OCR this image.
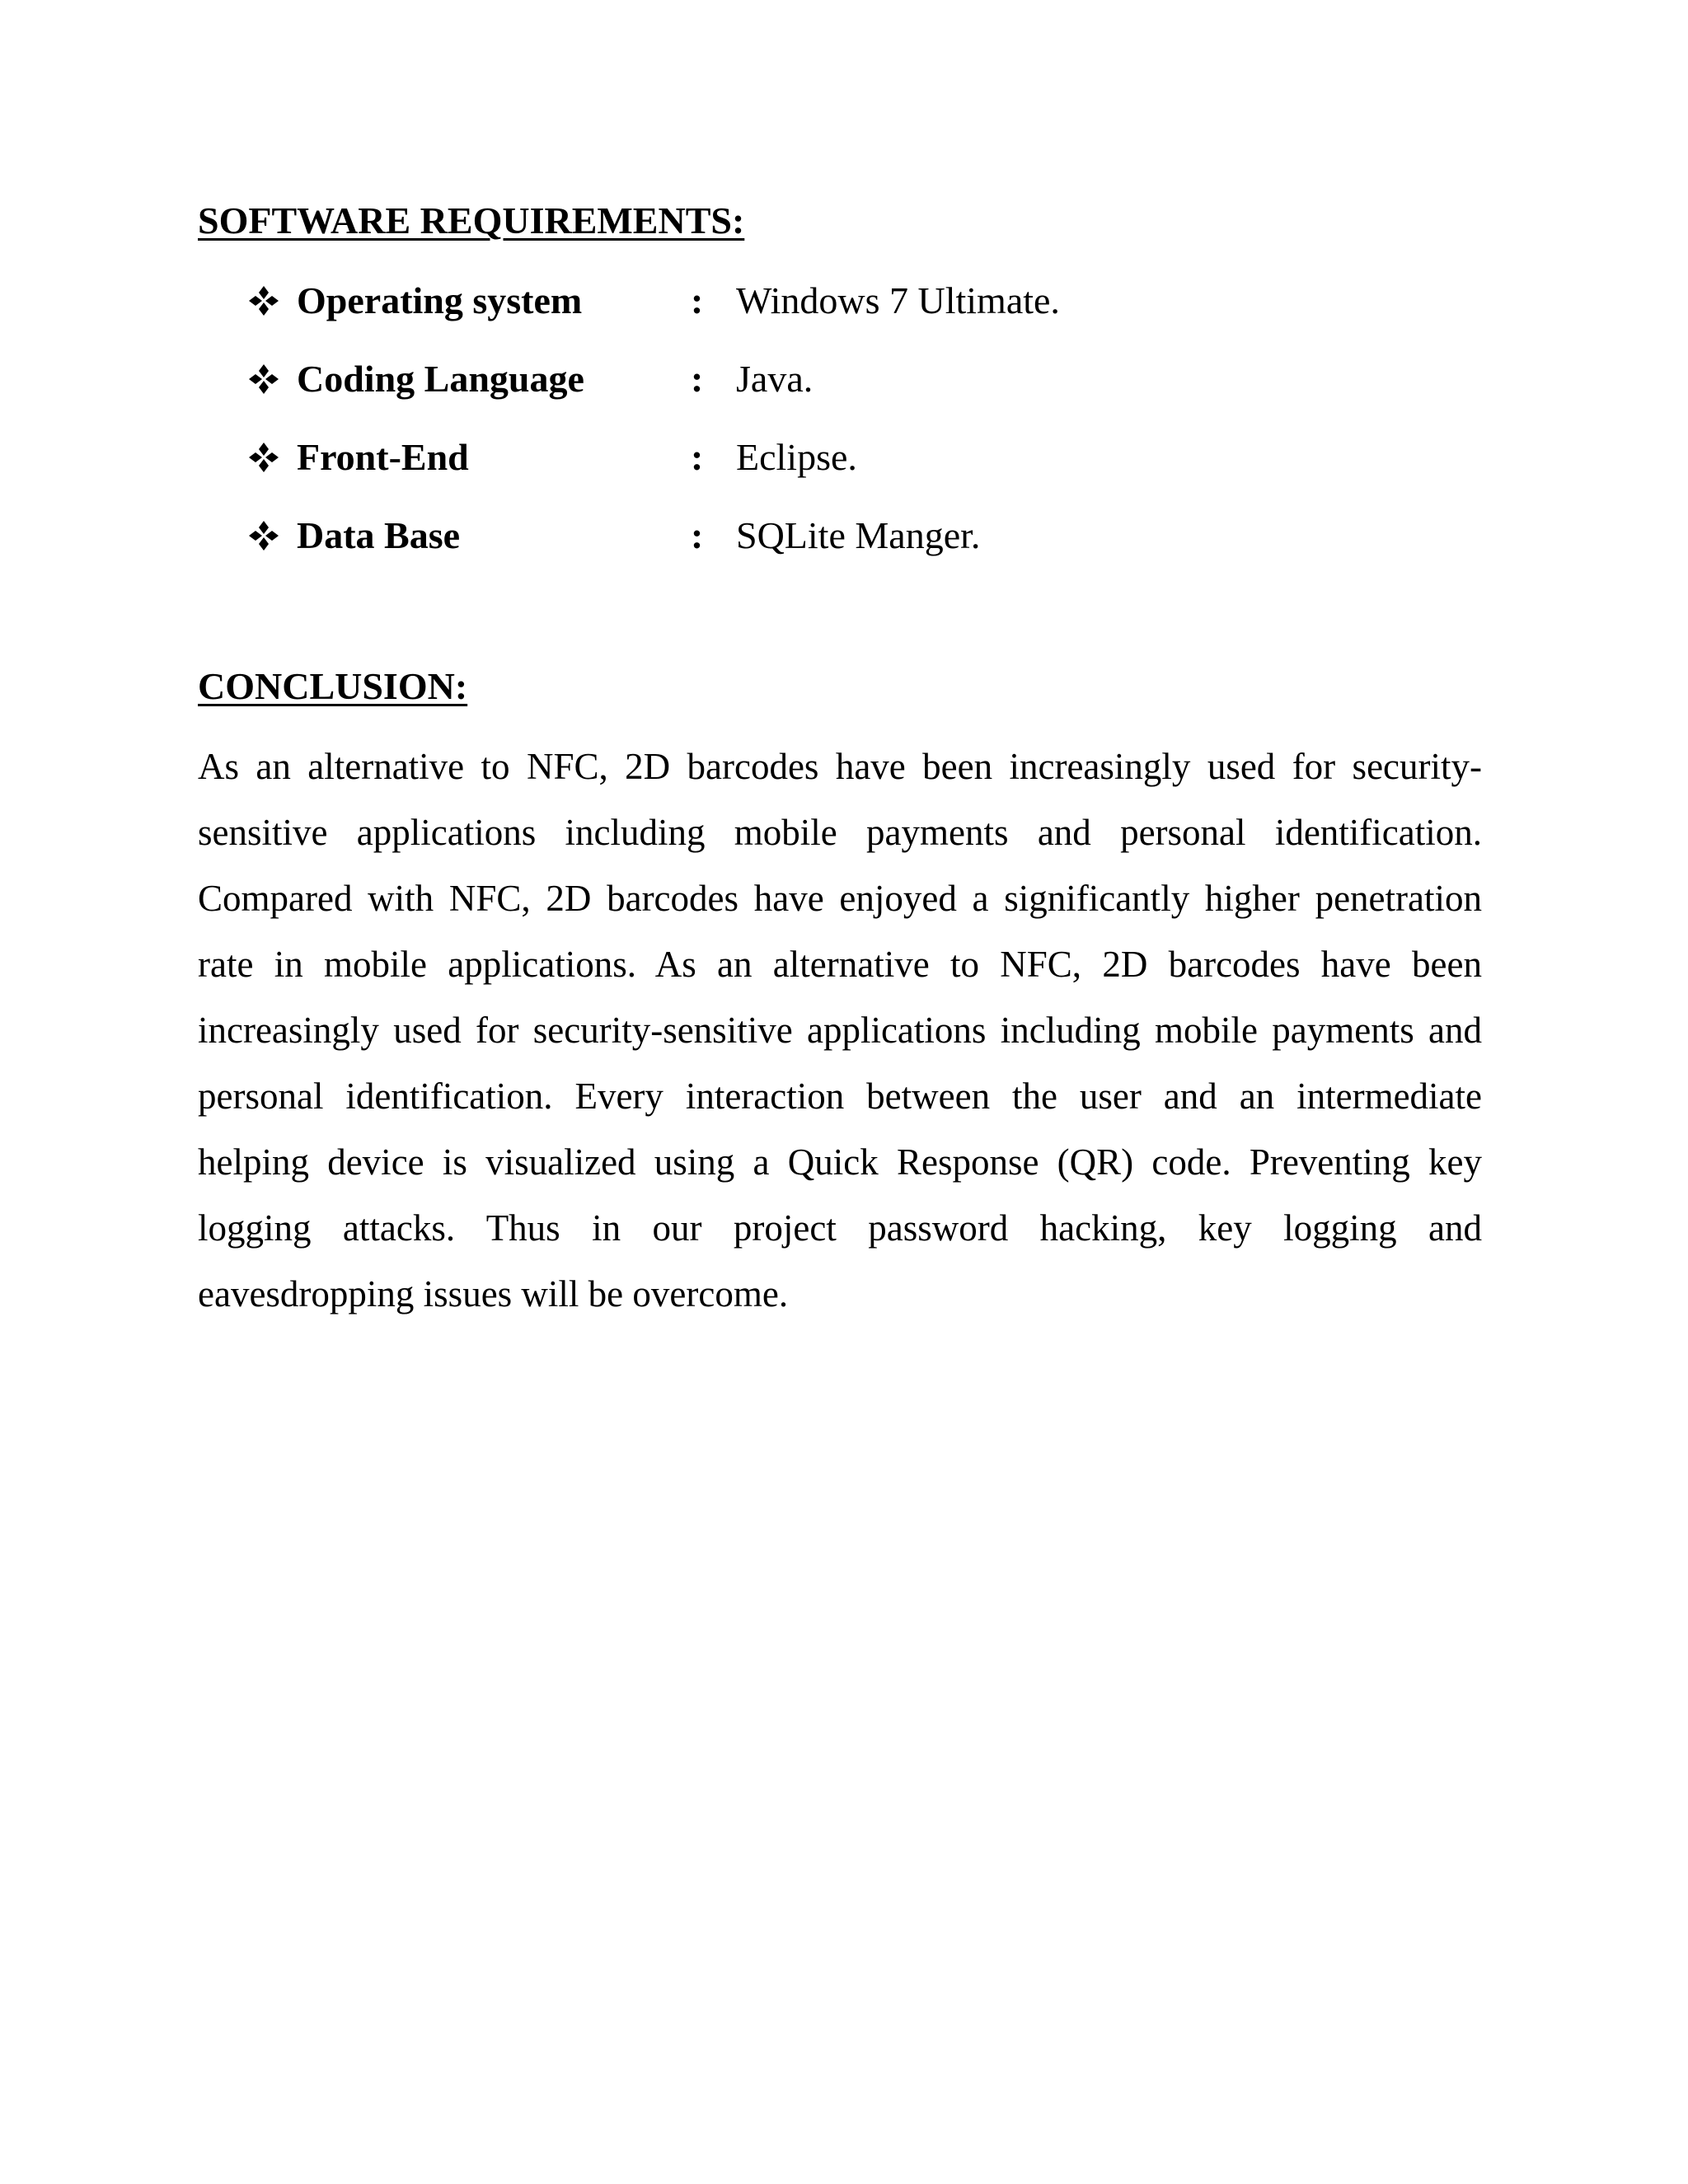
SOFTWARE REQUIREMENTS:
Operating system	: Windows 7 Ultimate.
Coding Language	: Java.
Front-End	: Eclipse.
Data Base	: SQLite Manger.
CONCLUSION:

As an alternative to NFC, 2D barcodes have been increasingly used for security-sensitive applications including mobile payments and personal identification. Compared with NFC, 2D barcodes have enjoyed a significantly higher penetration rate in mobile applications. As an alternative to NFC, 2D barcodes have been increasingly used for security-sensitive applications including mobile payments and personal identification. Every interaction between the user and an intermediate helping device is visualized using a Quick Response (QR) code. Preventing key logging attacks. Thus in our project password hacking, key logging and eavesdropping issues will be overcome.
